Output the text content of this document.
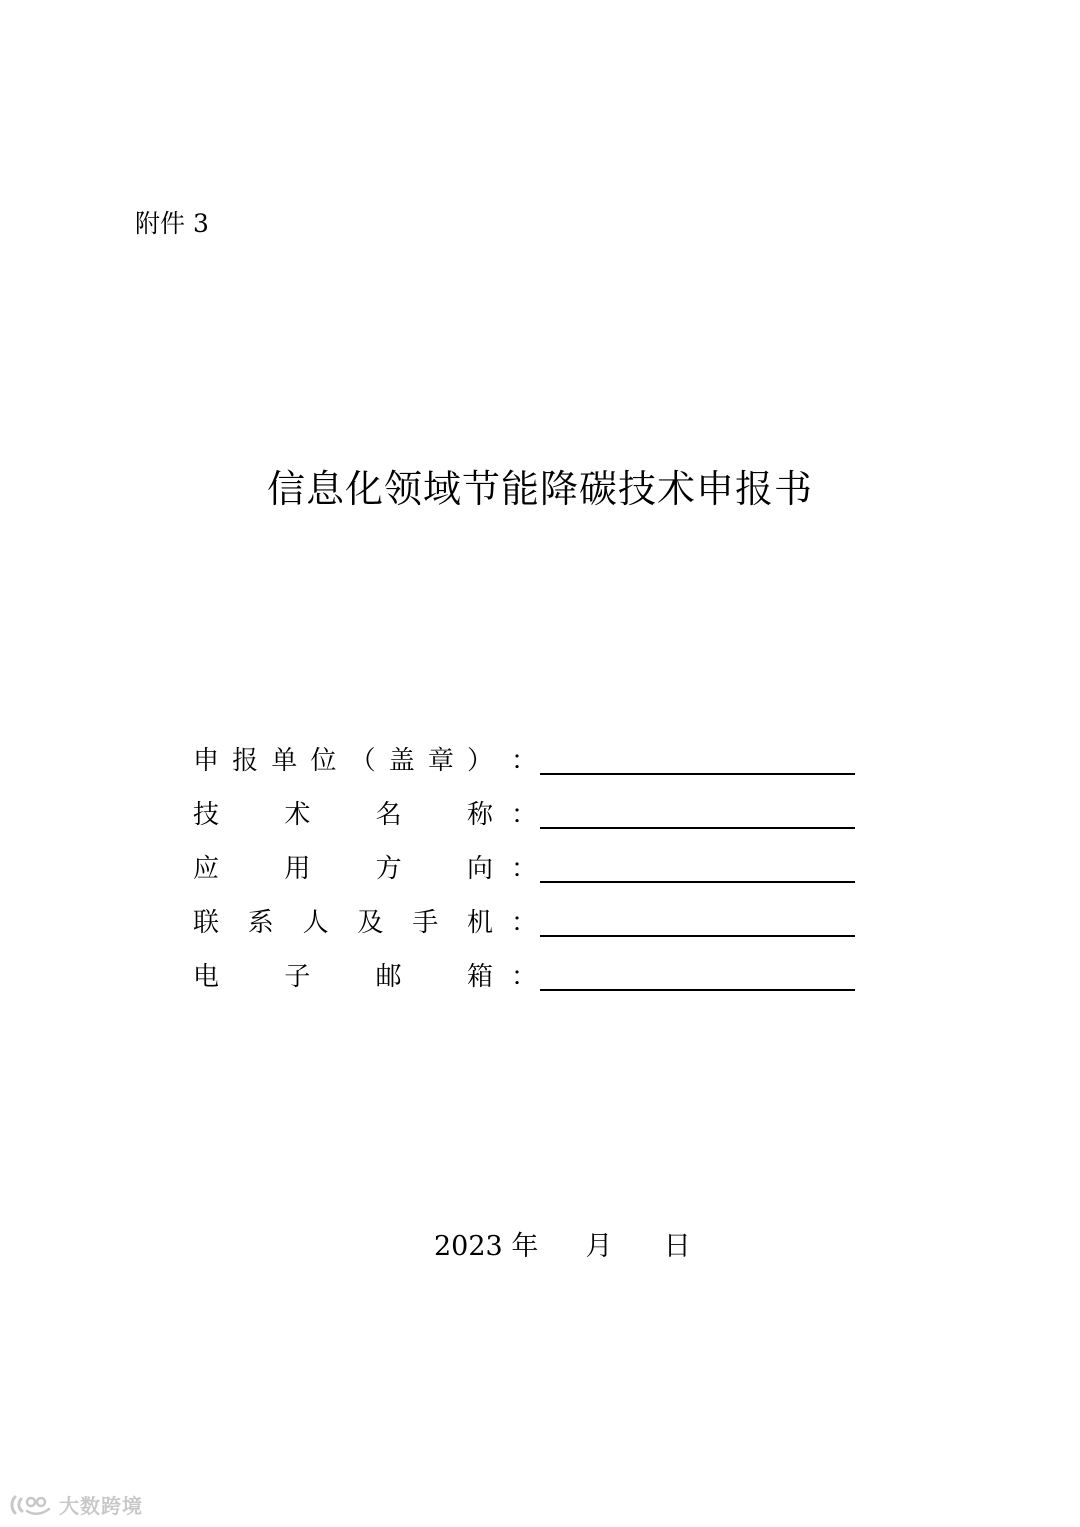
附件 3
信息化领域节能降碳技术申报书
申 报 单 位 （ 盖 章 ） ：
技	术	名	称 ：
应	用	方	向 ：
联 系 人 及 手 机 ：
电	子	邮	箱 ：
2023 年 月 日
大数跨境
